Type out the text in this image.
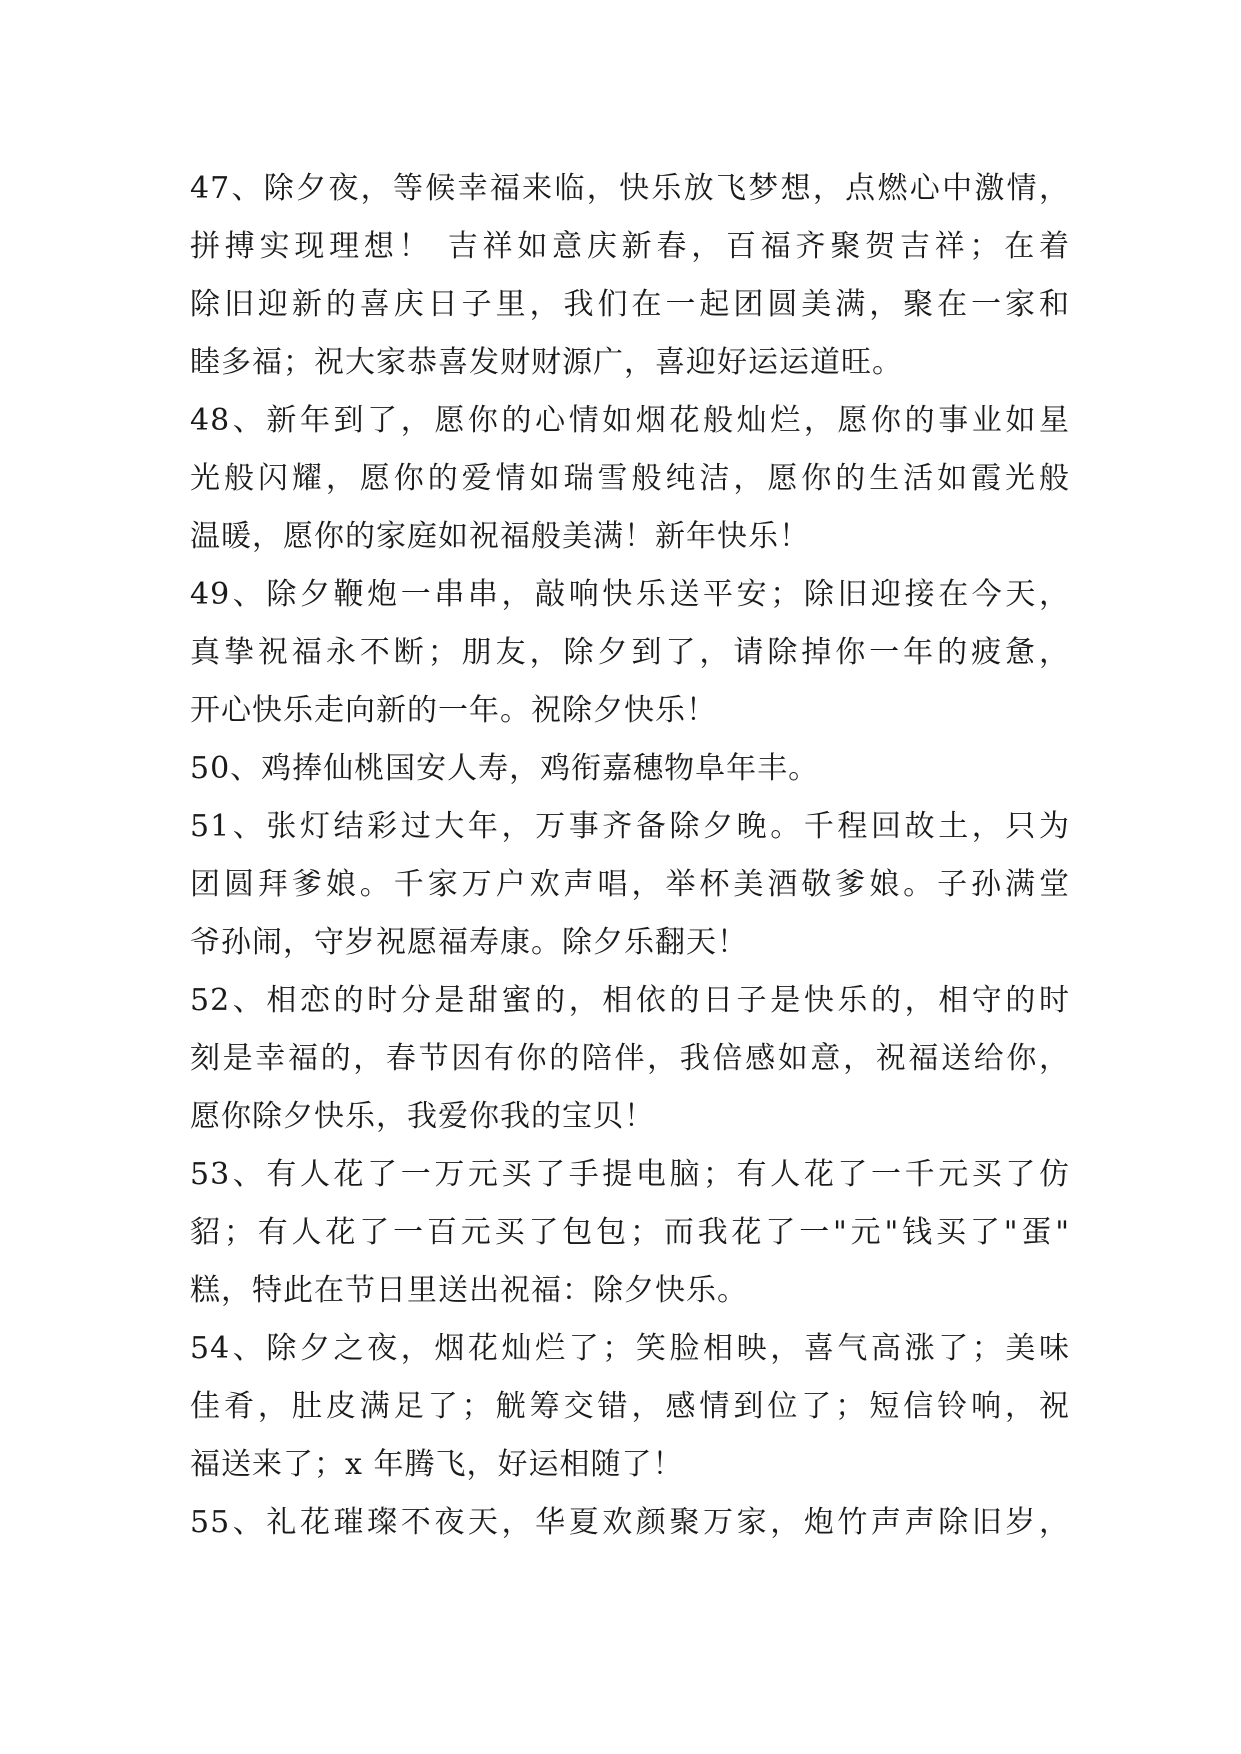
47、除夕夜，等候幸福来临，快乐放飞梦想，点燃心中激情，
拼搏实现理想！ 吉祥如意庆新春，百福齐聚贺吉祥；在着
除旧迎新的喜庆日子里，我们在一起团圆美满，聚在一家和
睦多福；祝大家恭喜发财财源广，喜迎好运运道旺。
48、新年到了，愿你的心情如烟花般灿烂，愿你的事业如星
光般闪耀，愿你的爱情如瑞雪般纯洁，愿你的生活如霞光般
温暖，愿你的家庭如祝福般美满！新年快乐！
49、除夕鞭炮一串串，敲响快乐送平安；除旧迎接在今天，
真挚祝福永不断；朋友，除夕到了，请除掉你一年的疲惫，
开心快乐走向新的一年。祝除夕快乐！
50、鸡捧仙桃国安人寿，鸡衔嘉穗物阜年丰。
51、张灯结彩过大年，万事齐备除夕晚。千程回故土，只为
团圆拜爹娘。千家万户欢声唱，举杯美酒敬爹娘。子孙满堂
爷孙闹，守岁祝愿福寿康。除夕乐翻天！
52、相恋的时分是甜蜜的，相依的日子是快乐的，相守的时
刻是幸福的，春节因有你的陪伴，我倍感如意，祝福送给你，
愿你除夕快乐，我爱你我的宝贝！
53、有人花了一万元买了手提电脑；有人花了一千元买了仿
貂；有人花了一百元买了包包；而我花了一"元"钱买了"蛋"
糕，特此在节日里送出祝福：除夕快乐。
54、除夕之夜，烟花灿烂了；笑脸相映，喜气高涨了；美味
佳肴，肚皮满足了；觥筹交错，感情到位了；短信铃响，祝
福送来了；x 年腾飞，好运相随了！
55、礼花璀璨不夜天，华夏欢颜聚万家，炮竹声声除旧岁，
